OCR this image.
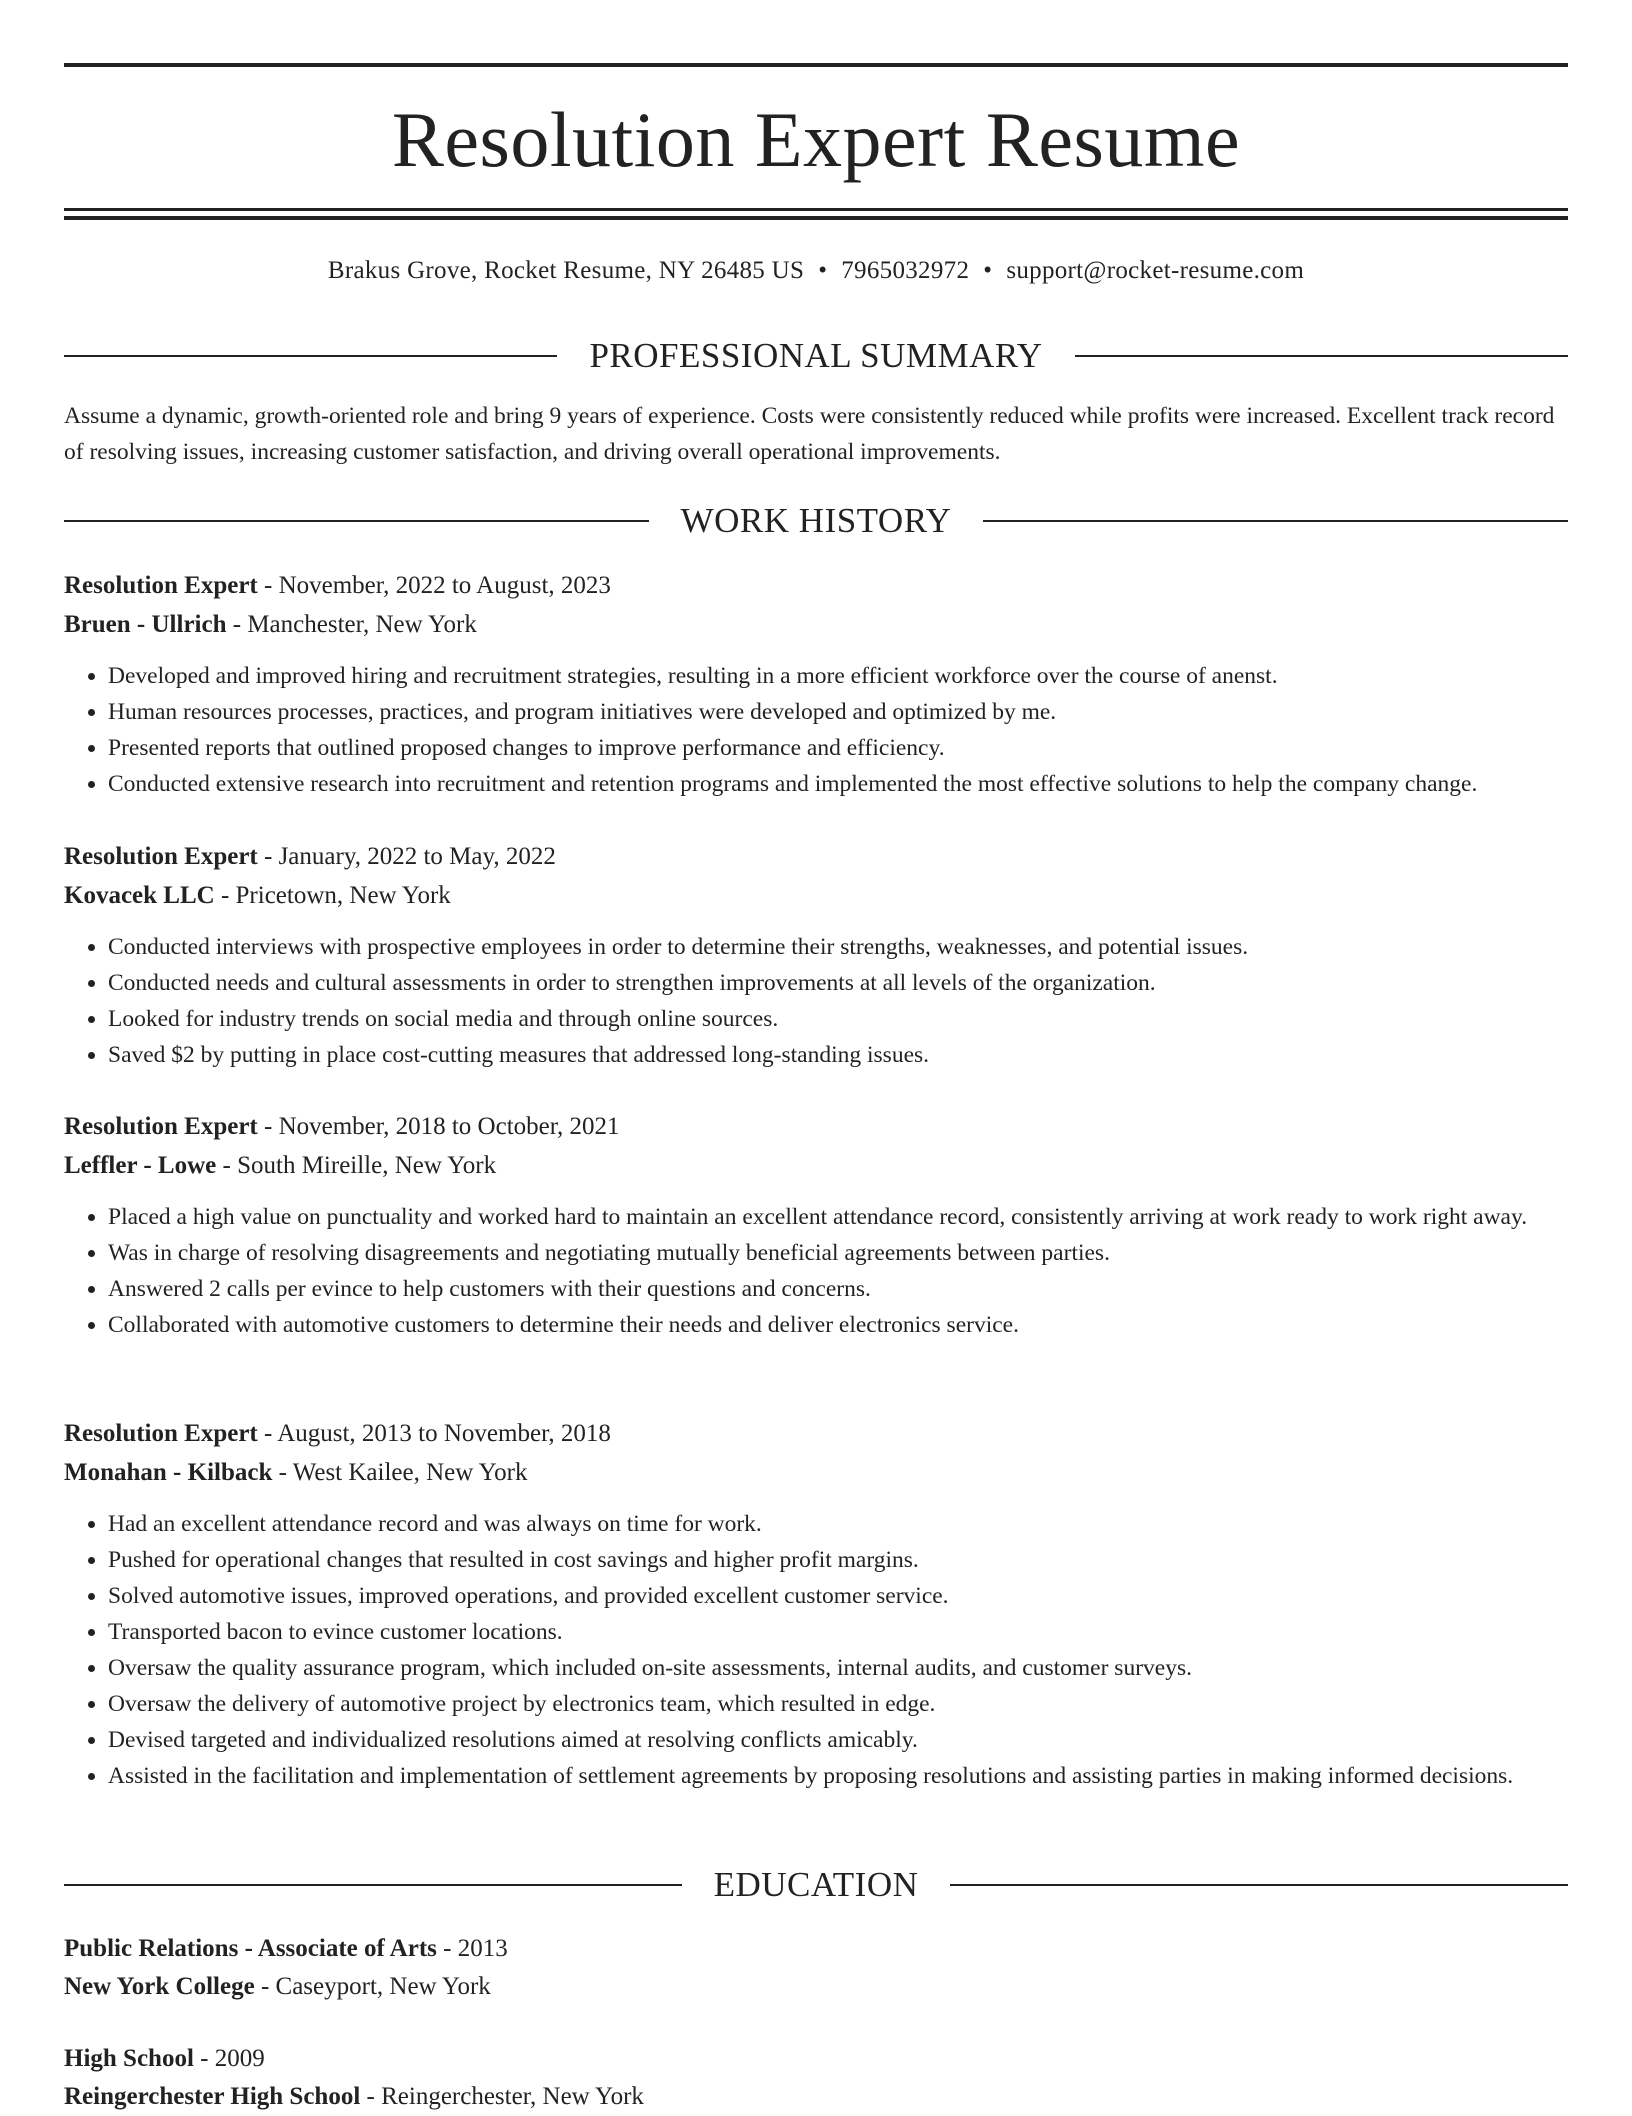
Resolution Expert Resume
Brakus Grove, Rocket Resume, NY 26485 US • 7965032972 • support@rocket-resume.com
PROFESSIONAL SUMMARY
Assume a dynamic, growth-oriented role and bring 9 years of experience. Costs were consistently reduced while profits were increased. Excellent track record of resolving issues, increasing customer satisfaction, and driving overall operational improvements.
WORK HISTORY
Resolution Expert - November, 2022 to August, 2023
Bruen - Ullrich - Manchester, New York
• Developed and improved hiring and recruitment strategies, resulting in a more efficient workforce over the course of anenst.
• Human resources processes, practices, and program initiatives were developed and optimized by me.
• Presented reports that outlined proposed changes to improve performance and efficiency.
• Conducted extensive research into recruitment and retention programs and implemented the most effective solutions to help the company change.
Resolution Expert - January, 2022 to May, 2022
Kovacek LLC - Pricetown, New York
• Conducted interviews with prospective employees in order to determine their strengths, weaknesses, and potential issues.
• Conducted needs and cultural assessments in order to strengthen improvements at all levels of the organization.
• Looked for industry trends on social media and through online sources.
• Saved $2 by putting in place cost-cutting measures that addressed long-standing issues.
Resolution Expert - November, 2018 to October, 2021
Leffler - Lowe - South Mireille, New York
• Placed a high value on punctuality and worked hard to maintain an excellent attendance record, consistently arriving at work ready to work right away.
• Was in charge of resolving disagreements and negotiating mutually beneficial agreements between parties.
• Answered 2 calls per evince to help customers with their questions and concerns.
• Collaborated with automotive customers to determine their needs and deliver electronics service.
Resolution Expert - August, 2013 to November, 2018
Monahan - Kilback - West Kailee, New York
• Had an excellent attendance record and was always on time for work.
• Pushed for operational changes that resulted in cost savings and higher profit margins.
• Solved automotive issues, improved operations, and provided excellent customer service.
• Transported bacon to evince customer locations.
• Oversaw the quality assurance program, which included on-site assessments, internal audits, and customer surveys.
• Oversaw the delivery of automotive project by electronics team, which resulted in edge.
• Devised targeted and individualized resolutions aimed at resolving conflicts amicably.
• Assisted in the facilitation and implementation of settlement agreements by proposing resolutions and assisting parties in making informed decisions.
EDUCATION
Public Relations - Associate of Arts - 2013
New York College - Caseyport, New York
High School - 2009
Reingerchester High School - Reingerchester, New York
